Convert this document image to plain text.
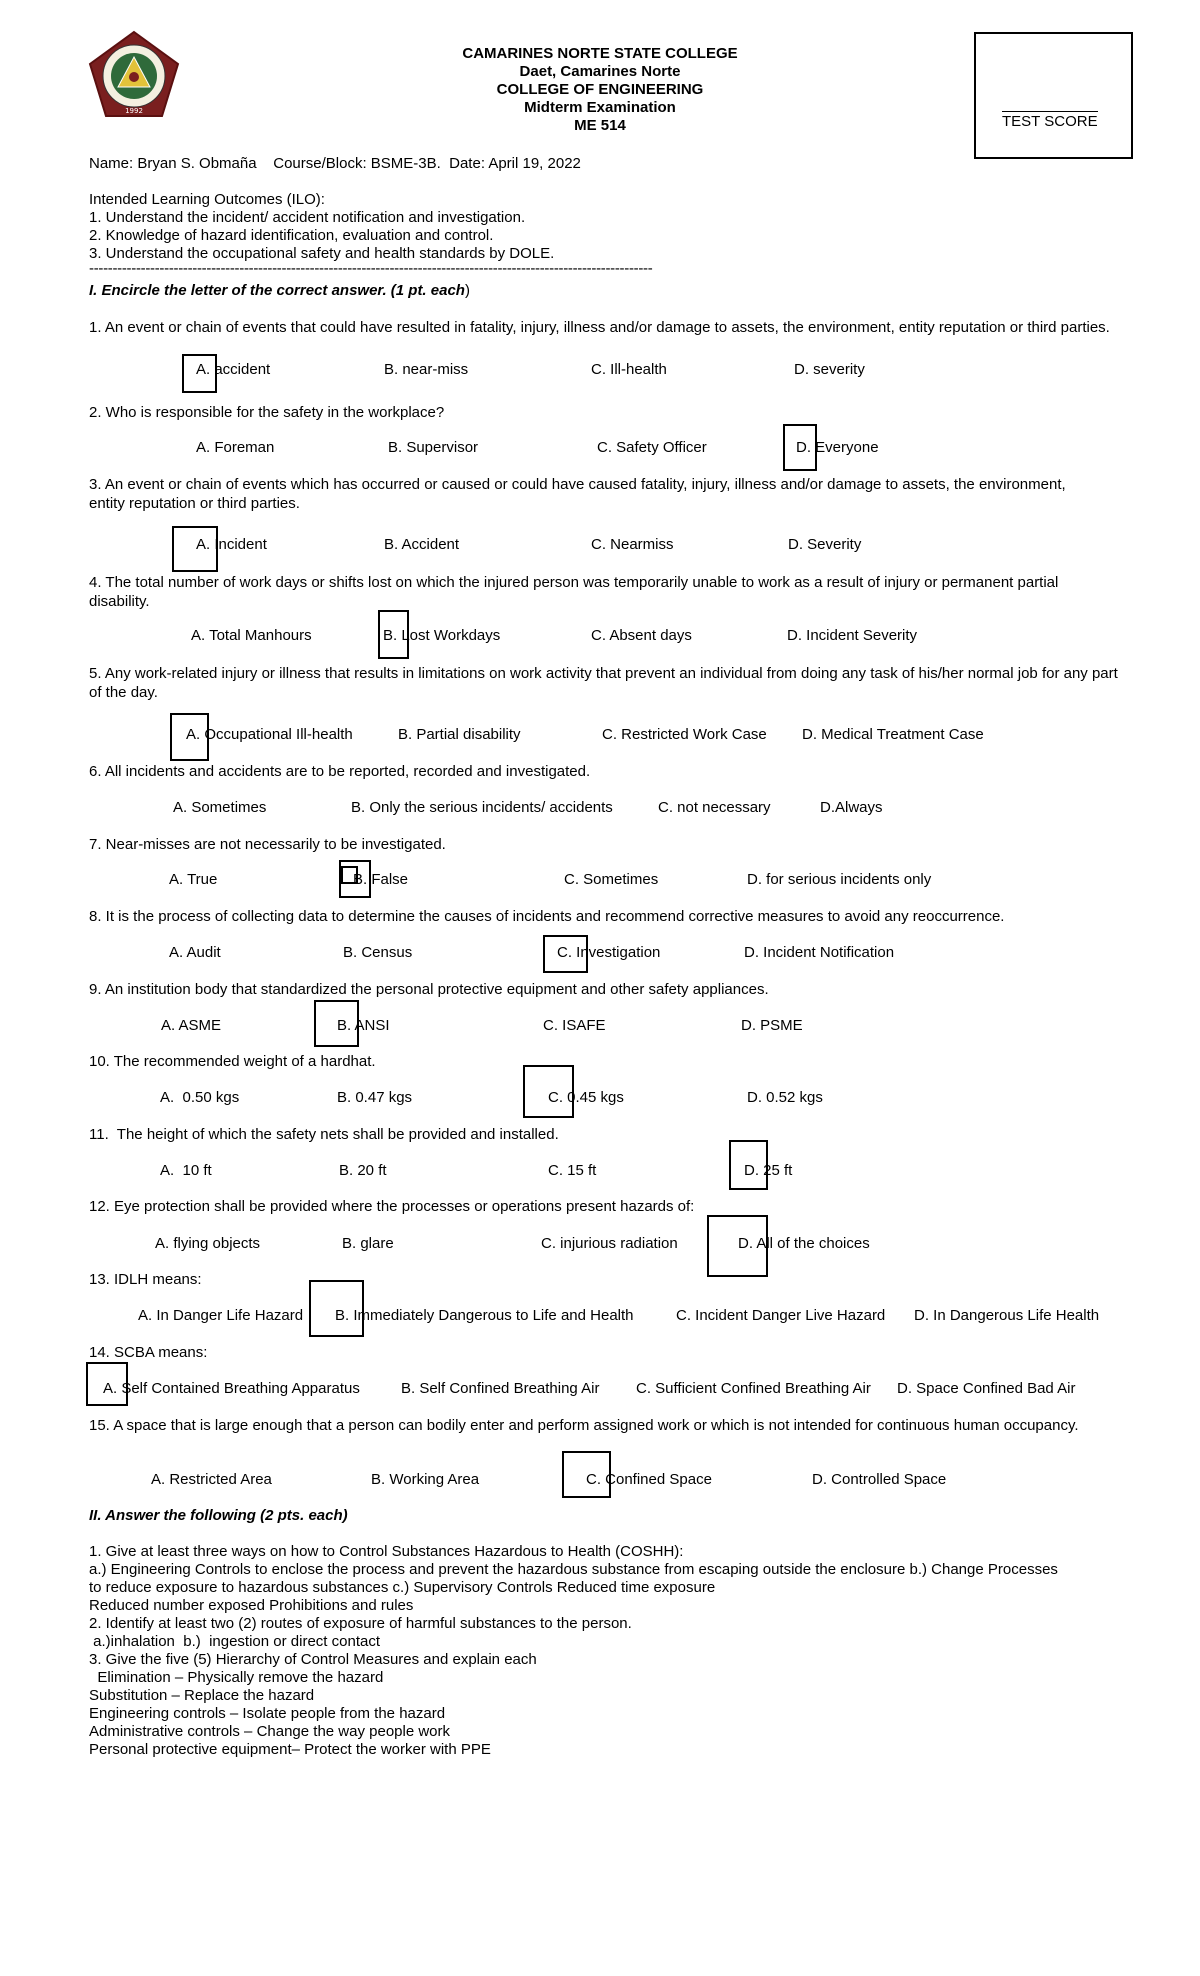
1992
CAMARINES NORTE STATE COLLEGE
Daet, Camarines Norte
COLLEGE OF ENGINEERING
Midterm Examination
ME 514	TEST SCORE
Name: Bryan S. Obmaña    Course/Block: BSME-3B.  Date: April 19, 2022
Intended Learning Outcomes (ILO):
1. Understand the incident/ accident notification and investigation.
2. Knowledge of hazard identification, evaluation and control.
3. Understand the occupational safety and health standards by DOLE.
------------------------------------------------------------------------------------------------------------------------
I. Encircle the letter of the correct answer. (1 pt. each)
1. An event or chain of events that could have resulted in fatality, injury, illness and/or damage to assets, the environment, entity reputation or third parties.
A. accident	B. near-miss	C. Ill-health	D. severity
2. Who is responsible for the safety in the workplace?
A. Foreman	B. Supervisor	C. Safety Officer	D. Everyone
3. An event or chain of events which has occurred or caused or could have caused fatality, injury, illness and/or damage to assets, the environment, entity reputation or third parties.
A. Incident	B. Accident	C. Nearmiss	D. Severity
4. The total number of work days or shifts lost on which the injured person was temporarily unable to work as a result of injury or permanent partial disability.
A. Total Manhours	B. Lost Workdays	C. Absent days	D. Incident Severity
5. Any work-related injury or illness that results in limitations on work activity that prevent an individual from doing any task of his/her normal job for any part of the day.
A. Occupational Ill-health	B. Partial disability	C. Restricted Work Case D. Medical Treatment Case
6. All incidents and accidents are to be reported, recorded and investigated.
A. Sometimes	B. Only the serious incidents/ accidents	C. not necessary	D.Always
7. Near-misses are not necessarily to be investigated.
A. True	B. False	C. Sometimes	D. for serious incidents only
8. It is the process of collecting data to determine the causes of incidents and recommend corrective measures to avoid any reoccurrence.
A. Audit	B. Census	C. Investigation	D. Incident Notification
9. An institution body that standardized the personal protective equipment and other safety appliances.
A. ASME	B. ANSI	C. ISAFE	D. PSME
10. The recommended weight of a hardhat.
A.  0.50 kgs	B. 0.47 kgs	C. 0.45 kgs	D. 0.52 kgs
11.  The height of which the safety nets shall be provided and installed.
A.  10 ft	B. 20 ft	C. 15 ft	D. 25 ft
12. Eye protection shall be provided where the processes or operations present hazards of:
A. flying objects	B. glare	C. injurious radiation	D. All of the choices
13. IDLH means:
A. In Danger Life Hazard B. Immediately Dangerous to Life and Health	C. Incident Danger Live Hazard D. In Dangerous Life Health
14. SCBA means:
A. Self Contained Breathing Apparatus	B. Self Confined Breathing Air C. Sufficient Confined Breathing Air D. Space Confined Bad Air
15. A space that is large enough that a person can bodily enter and perform assigned work or which is not intended for continuous human occupancy.
A. Restricted Area	B. Working Area	C. Confined Space	D. Controlled Space
II. Answer the following (2 pts. each)
1. Give at least three ways on how to Control Substances Hazardous to Health (COSHH):
a.) Engineering Controls to enclose the process and prevent the hazardous substance from escaping outside the enclosure b.) Change Processes
to reduce exposure to hazardous substances c.) Supervisory Controls Reduced time exposure
Reduced number exposed Prohibitions and rules
2. Identify at least two (2) routes of exposure of harmful substances to the person.
a.)inhalation  b.)  ingestion or direct contact
3. Give the five (5) Hierarchy of Control Measures and explain each
Elimination – Physically remove the hazard
Substitution – Replace the hazard
Engineering controls – Isolate people from the hazard
Administrative controls – Change the way people work
Personal protective equipment– Protect the worker with PPE
